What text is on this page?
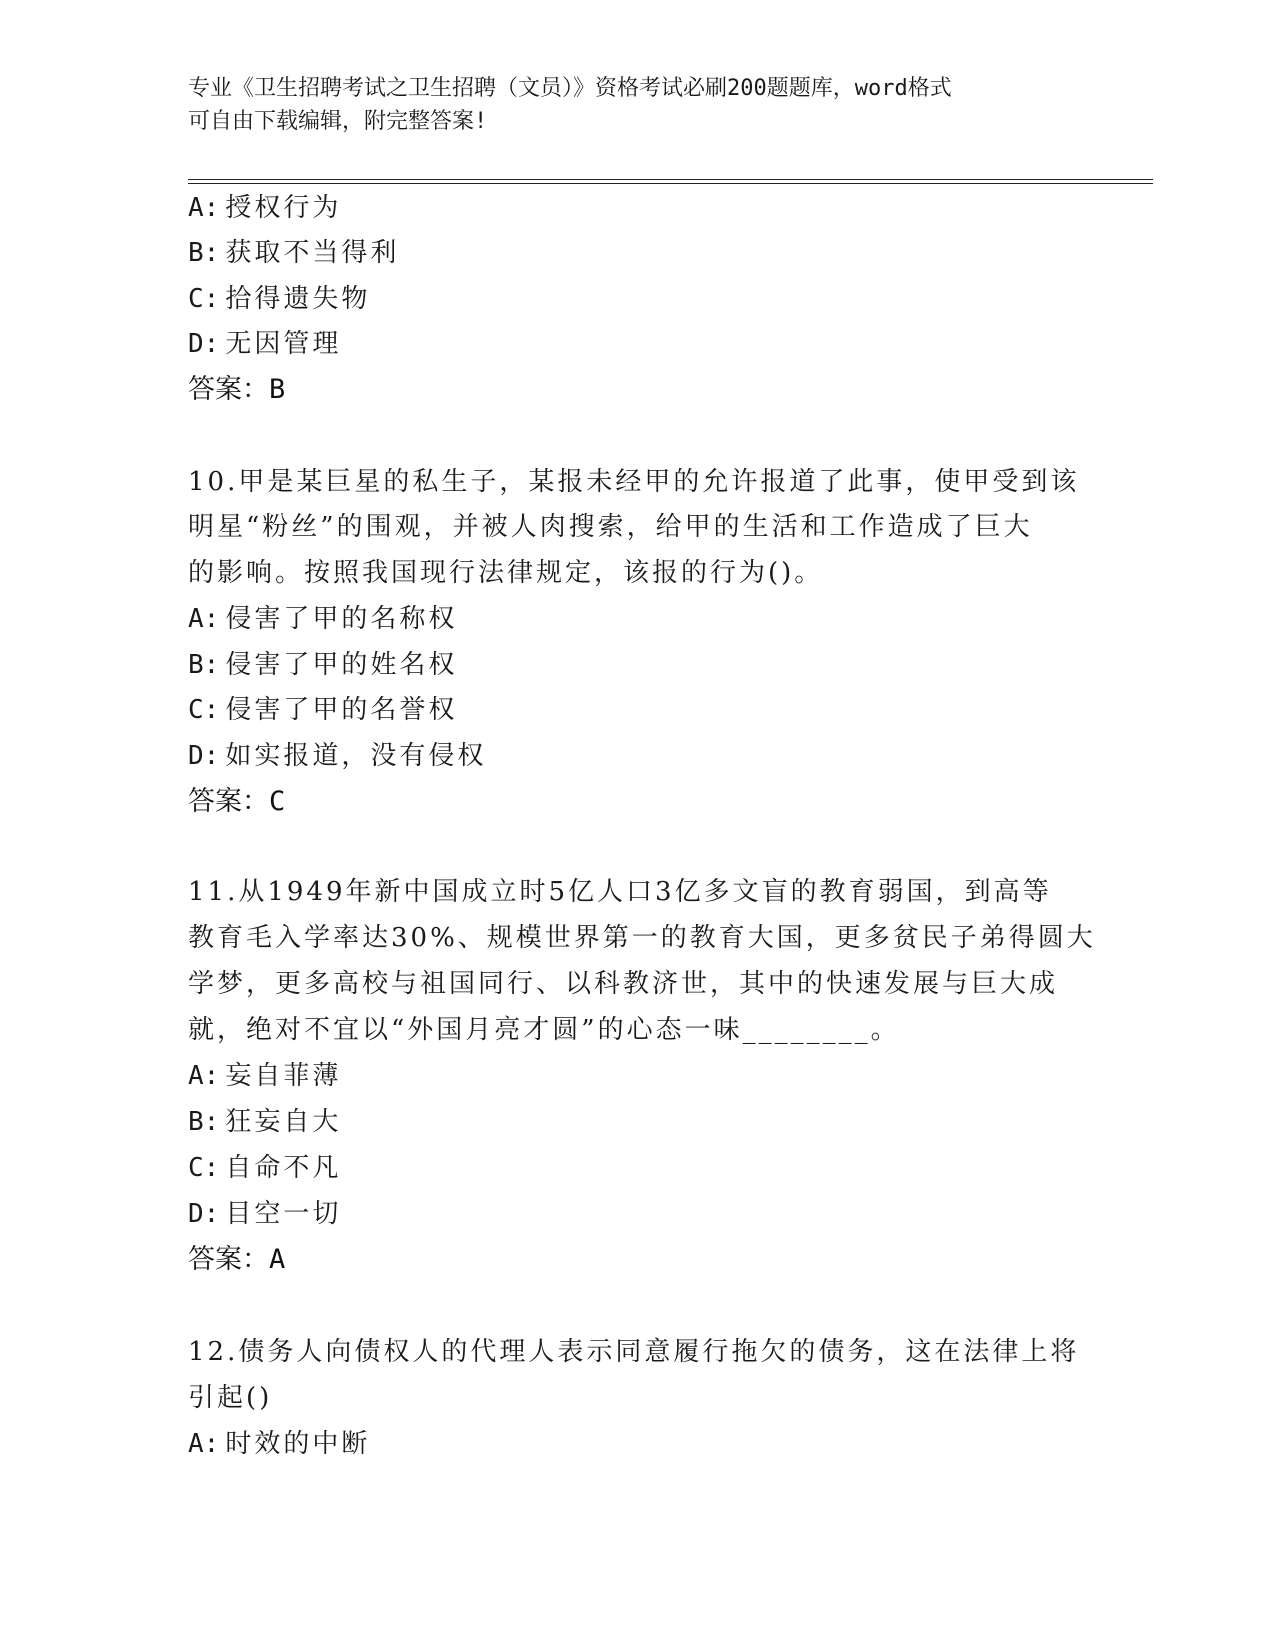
专业《卫生招聘考试之卫生招聘（文员）》资格考试必刷200题题库，word格式
可自由下载编辑，附完整答案!
A: 授权行为
B: 获取不当得利
C: 拾得遗失物
D: 无因管理
答案：B
10.甲是某巨星的私生子，某报未经甲的允许报道了此事，使甲受到该
明星“粉丝”的围观，并被人肉搜索，给甲的生活和工作造成了巨大
的影响。按照我国现行法律规定，该报的行为()。
A: 侵害了甲的名称权
B: 侵害了甲的姓名权
C: 侵害了甲的名誉权
D: 如实报道，没有侵权
答案：C
11.从1949年新中国成立时5亿人口3亿多文盲的教育弱国，到高等
教育毛入学率达30%、规模世界第一的教育大国，更多贫民子弟得圆大
学梦，更多高校与祖国同行、以科教济世，其中的快速发展与巨大成
就，绝对不宜以“外国月亮才圆”的心态一味________。
A: 妄自菲薄
B: 狂妄自大
C: 自命不凡
D: 目空一切
答案：A
12.债务人向债权人的代理人表示同意履行拖欠的债务，这在法律上将
引起()
A: 时效的中断
